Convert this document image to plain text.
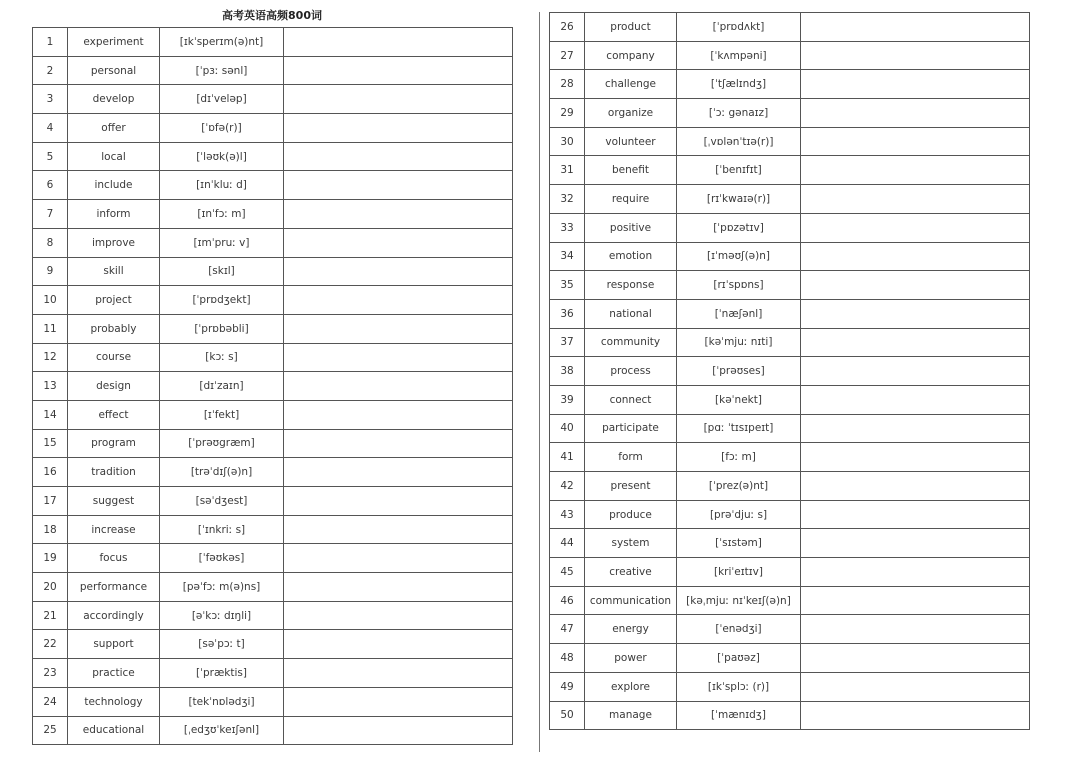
高考英语高频800词
1	experiment	[ɪkˈsperɪm(ə)nt]	
2	personal	[ˈpɜː sənl]	
3	develop	[dɪˈveləp]	
4	offer	[ˈɒfə(r)]	
5	local	[ˈləʊk(ə)l]	
6	include	[ɪnˈkluː d]	
7	inform	[ɪnˈfɔː m]	
8	improve	[ɪmˈpruː v]	
9	skill	[skɪl]	
10	project	[ˈprɒdʒekt]	
11	probably	[ˈprɒbəbli]	
12	course	[kɔː s]	
13	design	[dɪˈzaɪn]	
14	effect	[ɪˈfekt]	
15	program	[ˈprəʊgræm]	
16	tradition	[trəˈdɪʃ(ə)n]	
17	suggest	[səˈdʒest]	
18	increase	[ˈɪnkriː s]	
19	focus	[ˈfəʊkəs]	
20	performance	[pəˈfɔː m(ə)ns]	
21	accordingly	[əˈkɔː dɪŋli]	
22	support	[səˈpɔː t]	
23	practice	[ˈpræktis]	
24	technology	[tekˈnɒlədʒi]	
25	educational	[ˌedʒʊˈkeɪʃənl]	
26	product	[ˈprɒdʌkt]	
27	company	[ˈkʌmpəni]	
28	challenge	[ˈtʃælɪndʒ]	
29	organize	[ˈɔː gənaɪz]	
30	volunteer	[ˌvɒlənˈtɪə(r)]	
31	benefit	[ˈbenɪfɪt]	
32	require	[rɪˈkwaɪə(r)]	
33	positive	[ˈpɒzətɪv]	
34	emotion	[ɪˈməʊʃ(ə)n]	
35	response	[rɪˈspɒns]	
36	national	[ˈnæʃənl]	
37	community	[kəˈmjuː nɪti]	
38	process	[ˈprəʊses]	
39	connect	[kəˈnekt]	
40	participate	[pɑː ˈtɪsɪpeɪt]	
41	form	[fɔː m]	
42	present	[ˈprez(ə)nt]	
43	produce	[prəˈdjuː s]	
44	system	[ˈsɪstəm]	
45	creative	[kriˈeɪtɪv]	
46	communication	[kəˌmjuː nɪˈkeɪʃ(ə)n]	
47	energy	[ˈenədʒi]	
48	power	[ˈpaʊəz]	
49	explore	[ɪkˈsplɔː (r)]	
50	manage	[ˈmænɪdʒ]	
